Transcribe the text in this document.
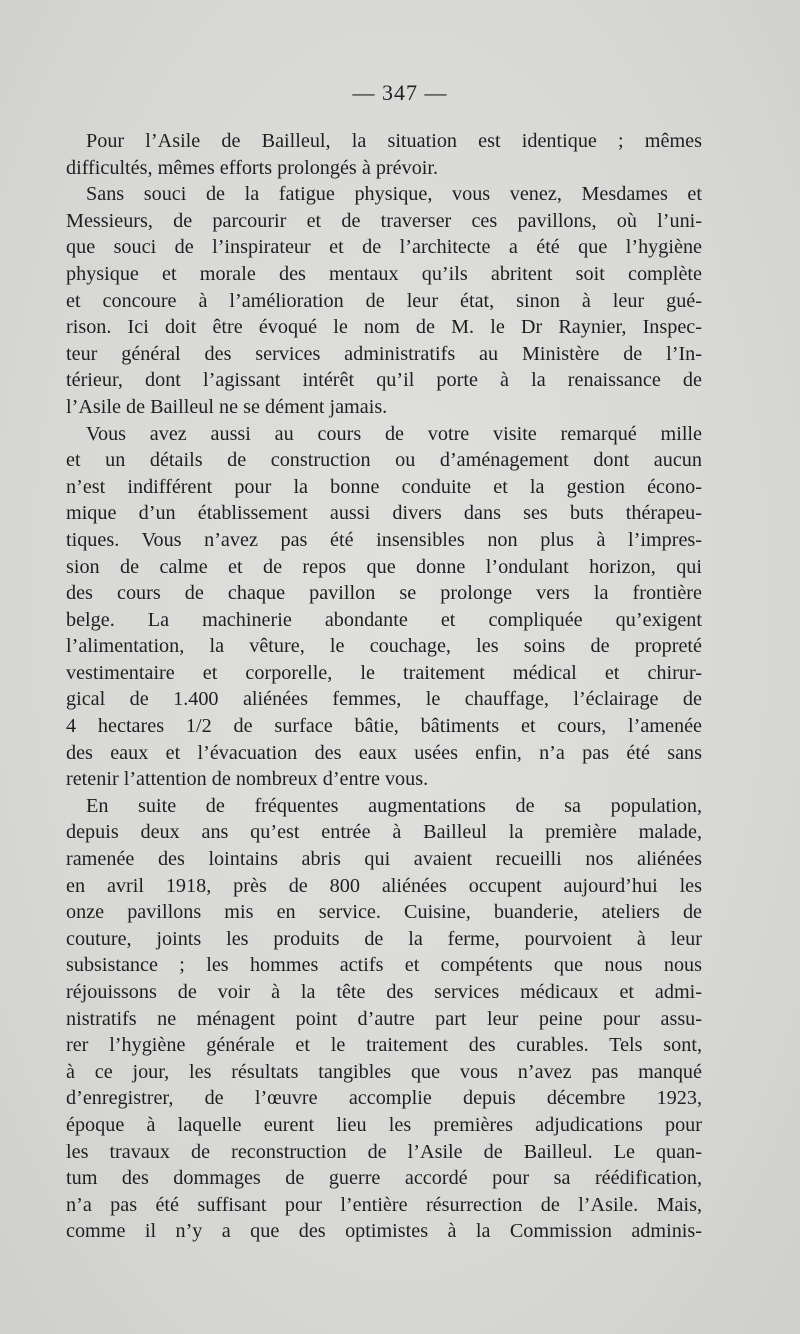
— 347 —
Pour l’Asile de Bailleul, la situation est identique ; mêmes
difficultés, mêmes efforts prolongés à prévoir.
Sans souci de la fatigue physique, vous venez, Mesdames et
Messieurs, de parcourir et de traverser ces pavillons, où l’uni-
que souci de l’inspirateur et de l’architecte a été que l’hygiène
physique et morale des mentaux qu’ils abritent soit complète
et concoure à l’amélioration de leur état, sinon à leur gué-
rison. Ici doit être évoqué le nom de M. le Dr Raynier, Inspec-
teur général des services administratifs au Ministère de l’In-
térieur, dont l’agissant intérêt qu’il porte à la renaissance de
l’Asile de Bailleul ne se dément jamais.
Vous avez aussi au cours de votre visite remarqué mille
et un détails de construction ou d’aménagement dont aucun
n’est indifférent pour la bonne conduite et la gestion écono-
mique d’un établissement aussi divers dans ses buts thérapeu-
tiques. Vous n’avez pas été insensibles non plus à l’impres-
sion de calme et de repos que donne l’ondulant horizon, qui
des cours de chaque pavillon se prolonge vers la frontière
belge. La machinerie abondante et compliquée qu’exigent
l’alimentation, la vêture, le couchage, les soins de propreté
vestimentaire et corporelle, le traitement médical et chirur-
gical de 1.400 aliénées femmes, le chauffage, l’éclairage de
4 hectares 1/2 de surface bâtie, bâtiments et cours, l’amenée
des eaux et l’évacuation des eaux usées enfin, n’a pas été sans
retenir l’attention de nombreux d’entre vous.
En suite de fréquentes augmentations de sa population,
depuis deux ans qu’est entrée à Bailleul la première malade,
ramenée des lointains abris qui avaient recueilli nos aliénées
en avril 1918, près de 800 aliénées occupent aujourd’hui les
onze pavillons mis en service. Cuisine, buanderie, ateliers de
couture, joints les produits de la ferme, pourvoient à leur
subsistance ; les hommes actifs et compétents que nous nous
réjouissons de voir à la tête des services médicaux et admi-
nistratifs ne ménagent point d’autre part leur peine pour assu-
rer l’hygiène générale et le traitement des curables. Tels sont,
à ce jour, les résultats tangibles que vous n’avez pas manqué
d’enregistrer, de l’œuvre accomplie depuis décembre 1923,
époque à laquelle eurent lieu les premières adjudications pour
les travaux de reconstruction de l’Asile de Bailleul. Le quan-
tum des dommages de guerre accordé pour sa réédification,
n’a pas été suffisant pour l’entière résurrection de l’Asile. Mais,
comme il n’y a que des optimistes à la Commission adminis-
